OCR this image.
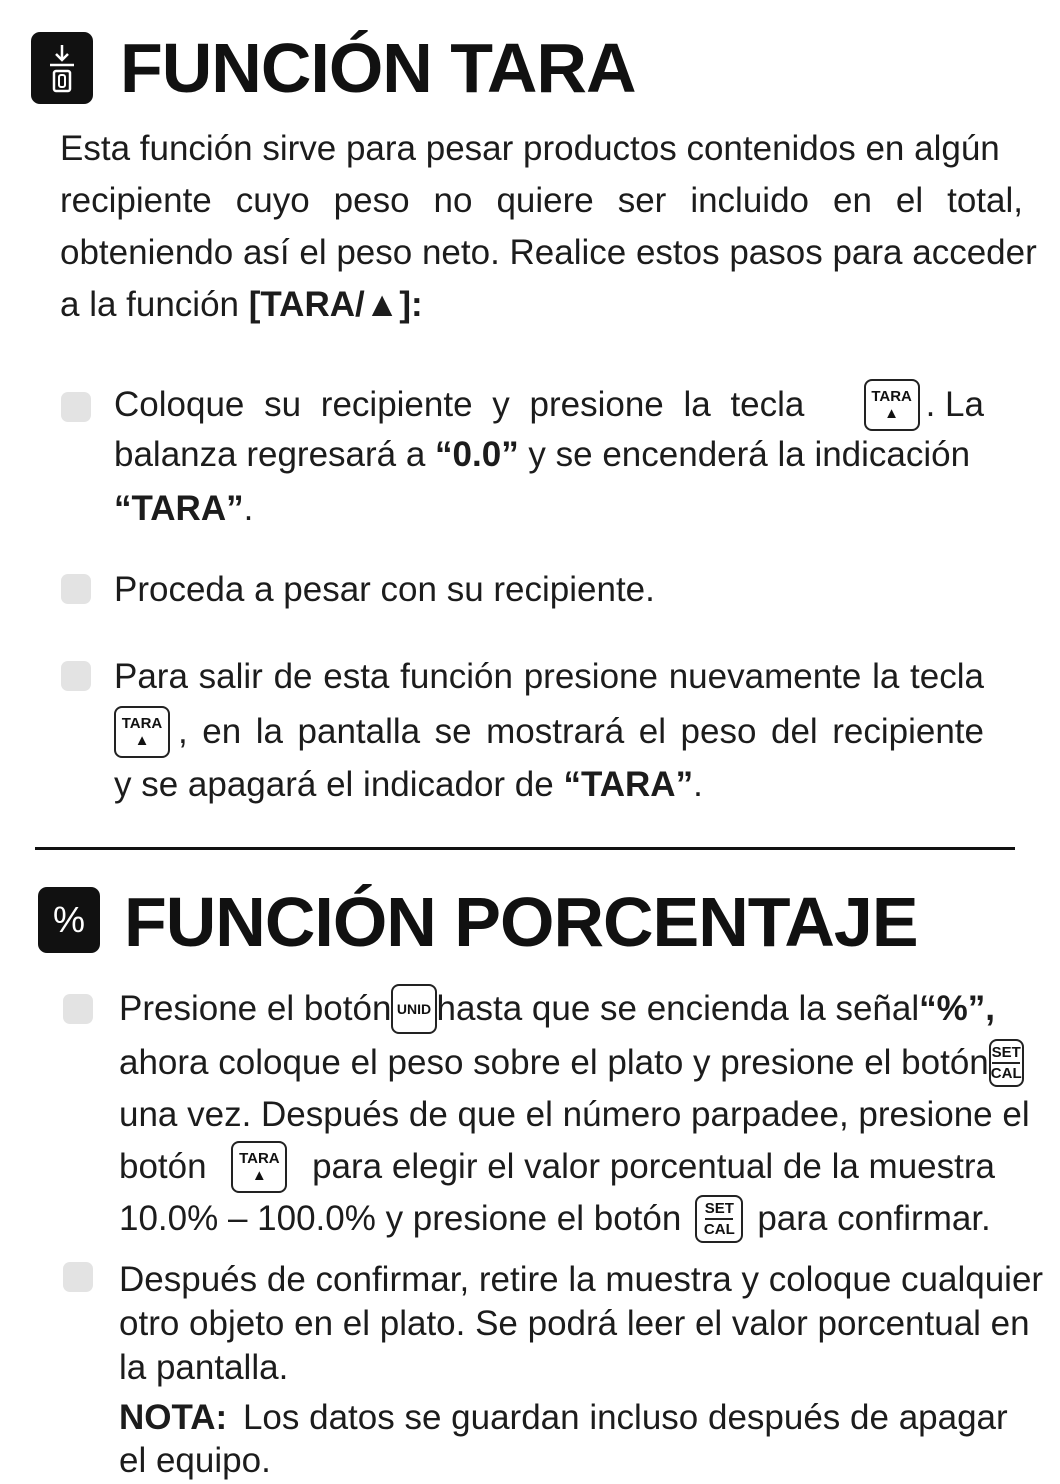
FUNCIÓN TARA
Esta función sirve para pesar productos contenidos en algún
recipiente cuyo peso no quiere ser incluido en el total,
obteniendo así el peso neto. Realice estos pasos para acceder
a la función [TARA/▲]:
Coloque su recipiente y presione la tecla	TARA
▲ . La
balanza regresará a “0.0” y se encenderá la indicación
“TARA”.
Proceda a pesar con su recipiente.
Para salir de esta función presione nuevamente la tecla
TARA
▲ , en la pantalla se mostrará el peso del recipiente
y se apagará el indicador de “TARA”.
% FUNCIÓN PORCENTAJE
Presione el botón UNID hasta que se encienda la señal “%”,
ahora coloque el peso sobre el plato y presione el botón SET
CAL
una vez. Después de que el número parpadee, presione el
botón TARA
▲ para elegir el valor porcentual de la muestra
10.0% – 100.0% y presione el botón SET
CAL para confirmar.
Después de confirmar, retire la muestra y coloque cualquier
otro objeto en el plato. Se podrá leer el valor porcentual en
la pantalla.
NOTA: Los datos se guardan incluso después de apagar
el equipo.
